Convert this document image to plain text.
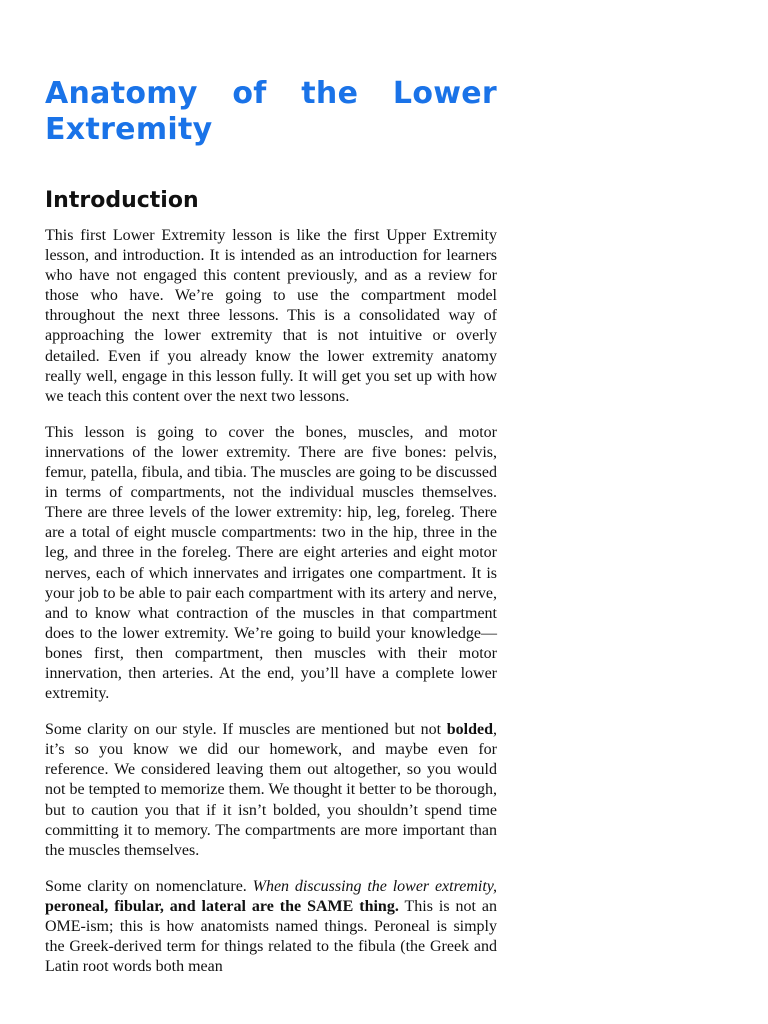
Anatomy of the Lower Extremity
Introduction

This first Lower Extremity lesson is like the first Upper Extremity lesson, and introduction. It is intended as an introduction for learners who have not engaged this content previously, and as a review for those who have. We’re going to use the compartment model throughout the next three lessons. This is a consolidated way of approaching the lower extremity that is not intuitive or overly detailed. Even if you already know the lower extremity anatomy really well, engage in this lesson fully. It will get you set up with how we teach this content over the next two lessons.

This lesson is going to cover the bones, muscles, and motor innervations of the lower extremity. There are five bones: pelvis, femur, patella, fibula, and tibia. The muscles are going to be discussed in terms of compartments, not the individual muscles themselves. There are three levels of the lower extremity: hip, leg, foreleg. There are a total of eight muscle compartments: two in the hip, three in the leg, and three in the foreleg. There are eight arteries and eight motor nerves, each of which innervates and irrigates one compartment. It is your job to be able to pair each compartment with its artery and nerve, and to know what contraction of the muscles in that compartment does to the lower extremity. We’re going to build your knowledge—bones first, then compartment, then muscles with their motor innervation, then arteries. At the end, you’ll have a complete lower extremity.

Some clarity on our style. If muscles are mentioned but not bolded, it’s so you know we did our homework, and maybe even for reference. We considered leaving them out altogether, so you would not be tempted to memorize them. We thought it better to be thorough, but to caution you that if it isn’t bolded, you shouldn’t spend time committing it to memory. The compartments are more important than the muscles themselves.

Some clarity on nomenclature. When discussing the lower extremity, peroneal, fibular, and lateral are the SAME thing. This is not an OME-ism; this is how anatomists named things. Peroneal is simply the Greek-derived term for things related to the fibula (the Greek and Latin root words both mean
